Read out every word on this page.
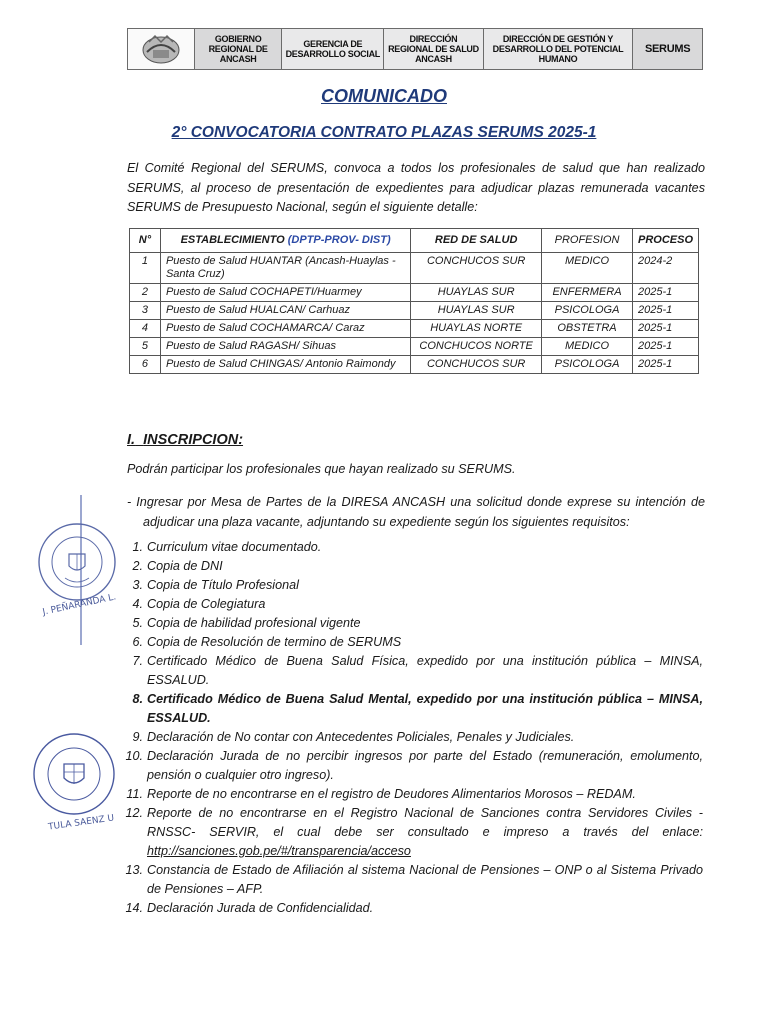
GOBIERNO REGIONAL DE ANCASH
GERENCIA DE DESARROLLO SOCIAL
DIRECCIÓN REGIONAL DE SALUD ANCASH
DIRECCIÓN DE GESTIÓN Y DESARROLLO DEL POTENCIAL HUMANO
SERUMS
COMUNICADO
2° CONVOCATORIA CONTRATO PLAZAS SERUMS 2025-1
El Comité Regional del SERUMS, convoca a todos los profesionales de salud que han realizado SERUMS, al proceso de presentación de expedientes para adjudicar plazas remunerada vacantes SERUMS de Presupuesto Nacional, según el siguiente detalle:
N°	ESTABLECIMIENTO (DPTP-PROV- DIST)	RED DE SALUD	PROFESION	PROCESO
1	Puesto de Salud HUANTAR (Ancash-Huaylas - Santa Cruz)	CONCHUCOS SUR	MEDICO	2024-2
2	Puesto de Salud COCHAPETI/Huarmey	HUAYLAS SUR	ENFERMERA	2025-1
3	Puesto de Salud HUALCAN/ Carhuaz	HUAYLAS SUR	PSICOLOGA	2025-1
4	Puesto de Salud COCHAMARCA/ Caraz	HUAYLAS NORTE	OBSTETRA	2025-1
5	Puesto de Salud RAGASH/ Sihuas	CONCHUCOS NORTE	MEDICO	2025-1
6	Puesto de Salud CHINGAS/ Antonio Raimondy	CONCHUCOS SUR	PSICOLOGA	2025-1
I. INSCRIPCION:
Podrán participar los profesionales que hayan realizado su SERUMS.
- Ingresar por Mesa de Partes de la DIRESA ANCASH una solicitud donde exprese su intención de adjudicar una plaza vacante, adjuntando su expediente según los siguientes requisitos:
1. Curriculum vitae documentado.
2. Copia de DNI
3. Copia de Título Profesional
4. Copia de Colegiatura
5. Copia de habilidad profesional vigente
6. Copia de Resolución de termino de SERUMS
7. Certificado Médico de Buena Salud Física, expedido por una institución pública – MINSA, ESSALUD.
8. Certificado Médico de Buena Salud Mental, expedido por una institución pública – MINSA, ESSALUD.
9. Declaración de No contar con Antecedentes Policiales, Penales y Judiciales.
10. Declaración Jurada de no percibir ingresos por parte del Estado (remuneración, emolumento, pensión o cualquier otro ingreso).
11. Reporte de no encontrarse en el registro de Deudores Alimentarios Morosos – REDAM.
12. Reporte de no encontrarse en el Registro Nacional de Sanciones contra Servidores Civiles - RNSSC- SERVIR, el cual debe ser consultado e impreso a través del enlace: http://sanciones.gob.pe/#/transparencia/acceso
13. Constancia de Estado de Afiliación al sistema Nacional de Pensiones – ONP o al Sistema Privado de Pensiones – AFP.
14. Declaración Jurada de Confidencialidad.
J. PEÑARANDA L.
TULA SAENZ U
